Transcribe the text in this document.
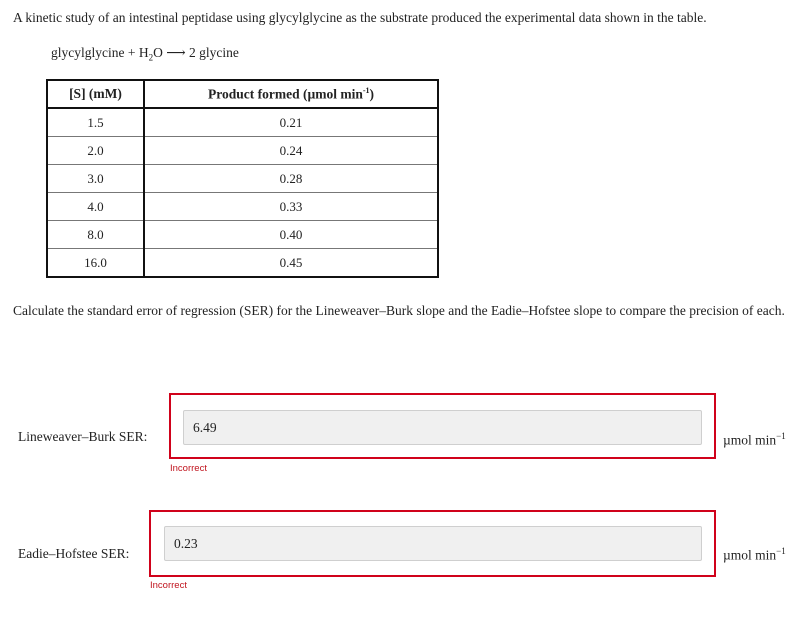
A kinetic study of an intestinal peptidase using glycylglycine as the substrate produced the experimental data shown in the table.
glycylglycine + $H_2O$ ⟶ 2 glycine
[S] (mM)	Product formed (µmol $\min^{-1}$)
1.5	0.21
2.0	0.24
3.0	0.28
4.0	0.33
8.0	0.40
16.0	0.45
Calculate the standard error of regression (SER) for the Lineweaver–Burk slope and the Eadie–Hofstee slope to compare the precision of each.
Lineweaver–Burk SER:
6.49
Incorrect
µmol $\min^{-1}$
Eadie–Hofstee SER:
0.23
Incorrect
µmol $\min^{-1}$
